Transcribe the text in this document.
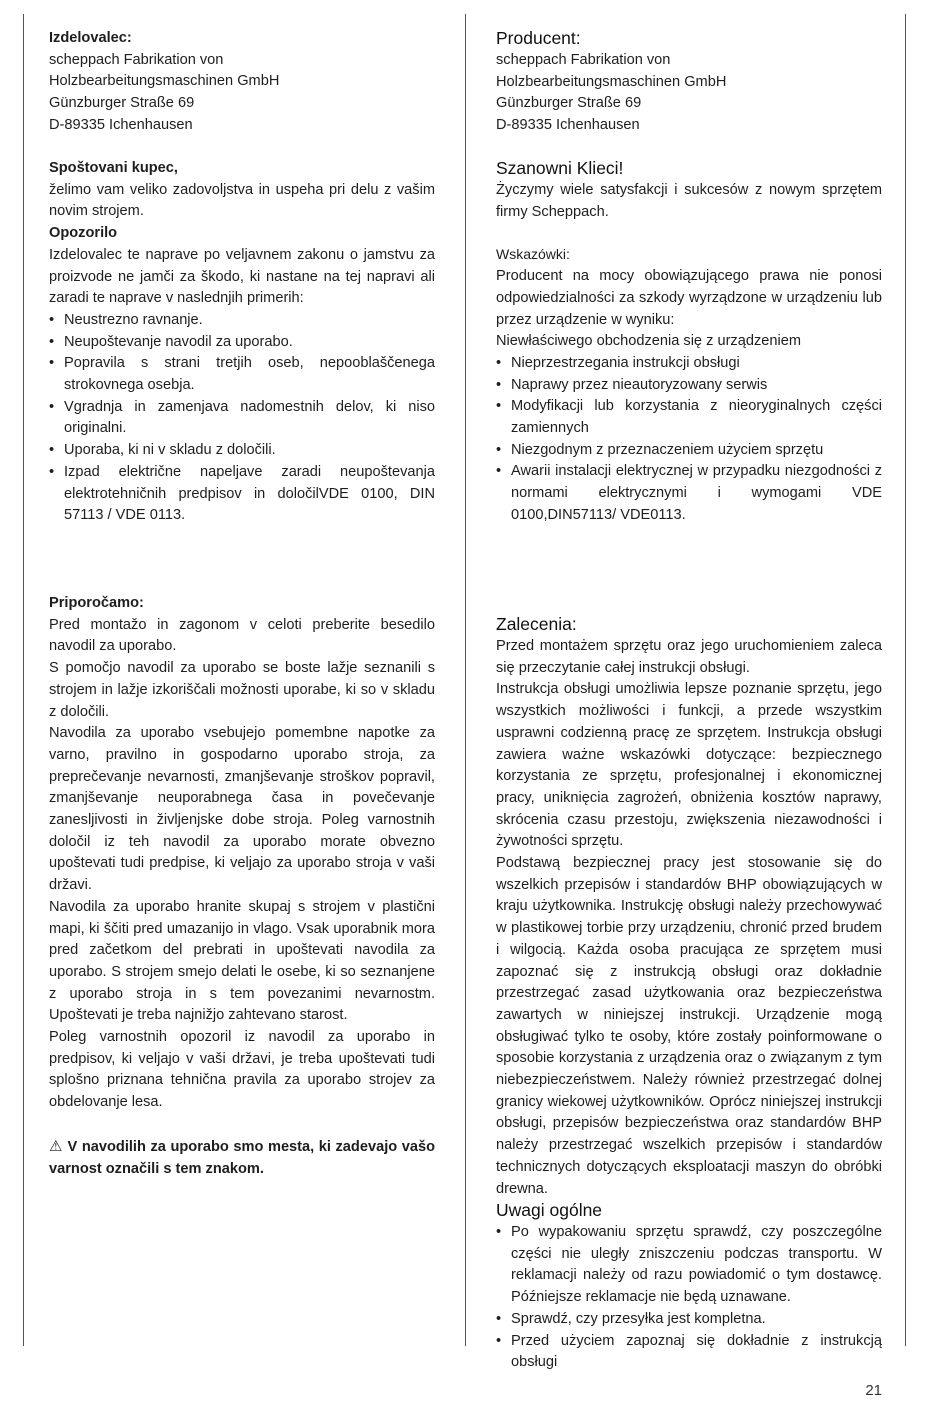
Izdelovalec:

scheppach Fabrikation von

Holzbearbeitungsmaschinen GmbH

Günzburger Straße 69

D-89335 Ichenhausen

Spoštovani kupec,

želimo vam veliko zadovoljstva in uspeha pri delu z vašim novim strojem.

Opozorilo

Izdelovalec te naprave po veljavnem zakonu o jamstvu za proizvode ne jamči za škodo, ki nastane na tej napravi ali zaradi te naprave v naslednjih primerih:

• Neustrezno ravnanje.
• Neupoštevanje navodil za uporabo.
• Popravila s strani tretjih oseb, nepooblaščenega strokovnega osebja.
• Vgradnja in zamenjava nadomestnih delov, ki niso originalni.
• Uporaba, ki ni v skladu z določili.
• Izpad električne napeljave zaradi neupoštevanja elektrotehničnih predpisov in določilVDE 0100, DIN 57113 / VDE 0113.

Priporočamo:

Pred montažo in zagonom v celoti preberite besedilo navodil za uporabo.

S pomočjo navodil za uporabo se boste lažje seznanili s strojem in lažje izkoriščali možnosti uporabe, ki so v skladu z določili.

Navodila za uporabo vsebujejo pomembne napotke za varno, pravilno in gospodarno uporabo stroja, za preprečevanje nevarnosti, zmanjševanje stroškov popravil, zmanjševanje neuporabnega časa in povečevanje zanesljivosti in življenjske dobe stroja. Poleg varnostnih določil iz teh navodil za uporabo morate obvezno upoštevati tudi predpise, ki veljajo za uporabo stroja v vaši državi.

Navodila za uporabo hranite skupaj s strojem v plastični mapi, ki ščiti pred umazanijo in vlago. Vsak uporabnik mora pred začetkom del prebrati in upoštevati navodila za uporabo. S strojem smejo delati le osebe, ki so seznanjene z uporabo stroja in s tem povezanimi nevarnostm. Upoštevati je treba najnižjo zahtevano starost.

Poleg varnostnih opozoril iz navodil za uporabo in predpisov, ki veljajo v vaši državi, je treba upoštevati tudi splošno priznana tehnična pravila za uporabo strojev za obdelovanje lesa.

⚠ V navodilih za uporabo smo mesta, ki zadevajo vašo varnost označili s tem znakom.

Producent:

scheppach Fabrikation von

Holzbearbeitungsmaschinen GmbH

Günzburger Straße 69

D-89335 Ichenhausen

Szanowni Klieci!

Życzymy wiele satysfakcji i sukcesów z nowym sprzętem firmy Scheppach.

Wskazówki:

Producent na mocy obowiązującego prawa nie ponosi odpowiedzialności za szkody wyrządzone w urządzeniu lub przez urządzenie w wyniku:

Niewłaściwego obchodzenia się z urządzeniem

• Nieprzestrzegania instrukcji obsługi
• Naprawy przez nieautoryzowany serwis
• Modyfikacji lub korzystania z nieoryginalnych części zamiennych
• Niezgodnym z przeznaczeniem użyciem sprzętu
• Awarii instalacji elektrycznej w przypadku niezgodności z normami elektrycznymi i wymogami VDE 0100,DIN57113/ VDE0113.

Zalecenia:

Przed montażem sprzętu oraz jego uruchomieniem zaleca się przeczytanie całej instrukcji obsługi.

Instrukcja obsługi umożliwia lepsze poznanie sprzętu, jego wszystkich możliwości i funkcji, a przede wszystkim usprawni codzienną pracę ze sprzętem. Instrukcja obsługi zawiera ważne wskazówki dotyczące: bezpiecznego korzystania ze sprzętu, profesjonalnej i ekonomicznej pracy, uniknięcia zagrożeń, obniżenia kosztów naprawy, skrócenia czasu przestoju, zwiększenia niezawodności i żywotności sprzętu.

Podstawą bezpiecznej pracy jest stosowanie się do wszelkich przepisów i standardów BHP obowiązujących w kraju użytkownika. Instrukcję obsługi należy przechowywać w plastikowej torbie przy urządzeniu, chronić przed brudem i wilgocią. Każda osoba pracująca ze sprzętem musi zapoznać się z instrukcją obsługi oraz dokładnie przestrzegać zasad użytkowania oraz bezpieczeństwa zawartych w niniejszej instrukcji. Urządzenie mogą obsługiwać tylko te osoby, które zostały poinformowane o sposobie korzystania z urządzenia oraz o związanym z tym niebezpieczeństwem. Należy również przestrzegać dolnej granicy wiekowej użytkowników. Oprócz niniejszej instrukcji obsługi, przepisów bezpieczeństwa oraz standardów BHP należy przestrzegać wszelkich przepisów i standardów technicznych dotyczących eksploatacji maszyn do obróbki drewna.

Uwagi ogólne

• Po wypakowaniu sprzętu sprawdź, czy poszczególne części nie uległy zniszczeniu podczas transportu. W reklamacji należy od razu powiadomić o tym dostawcę. Późniejsze reklamacje nie będą uznawane.
• Sprawdź, czy przesyłka jest kompletna.
• Przed użyciem zapoznaj się dokładnie z instrukcją obsługi
21
